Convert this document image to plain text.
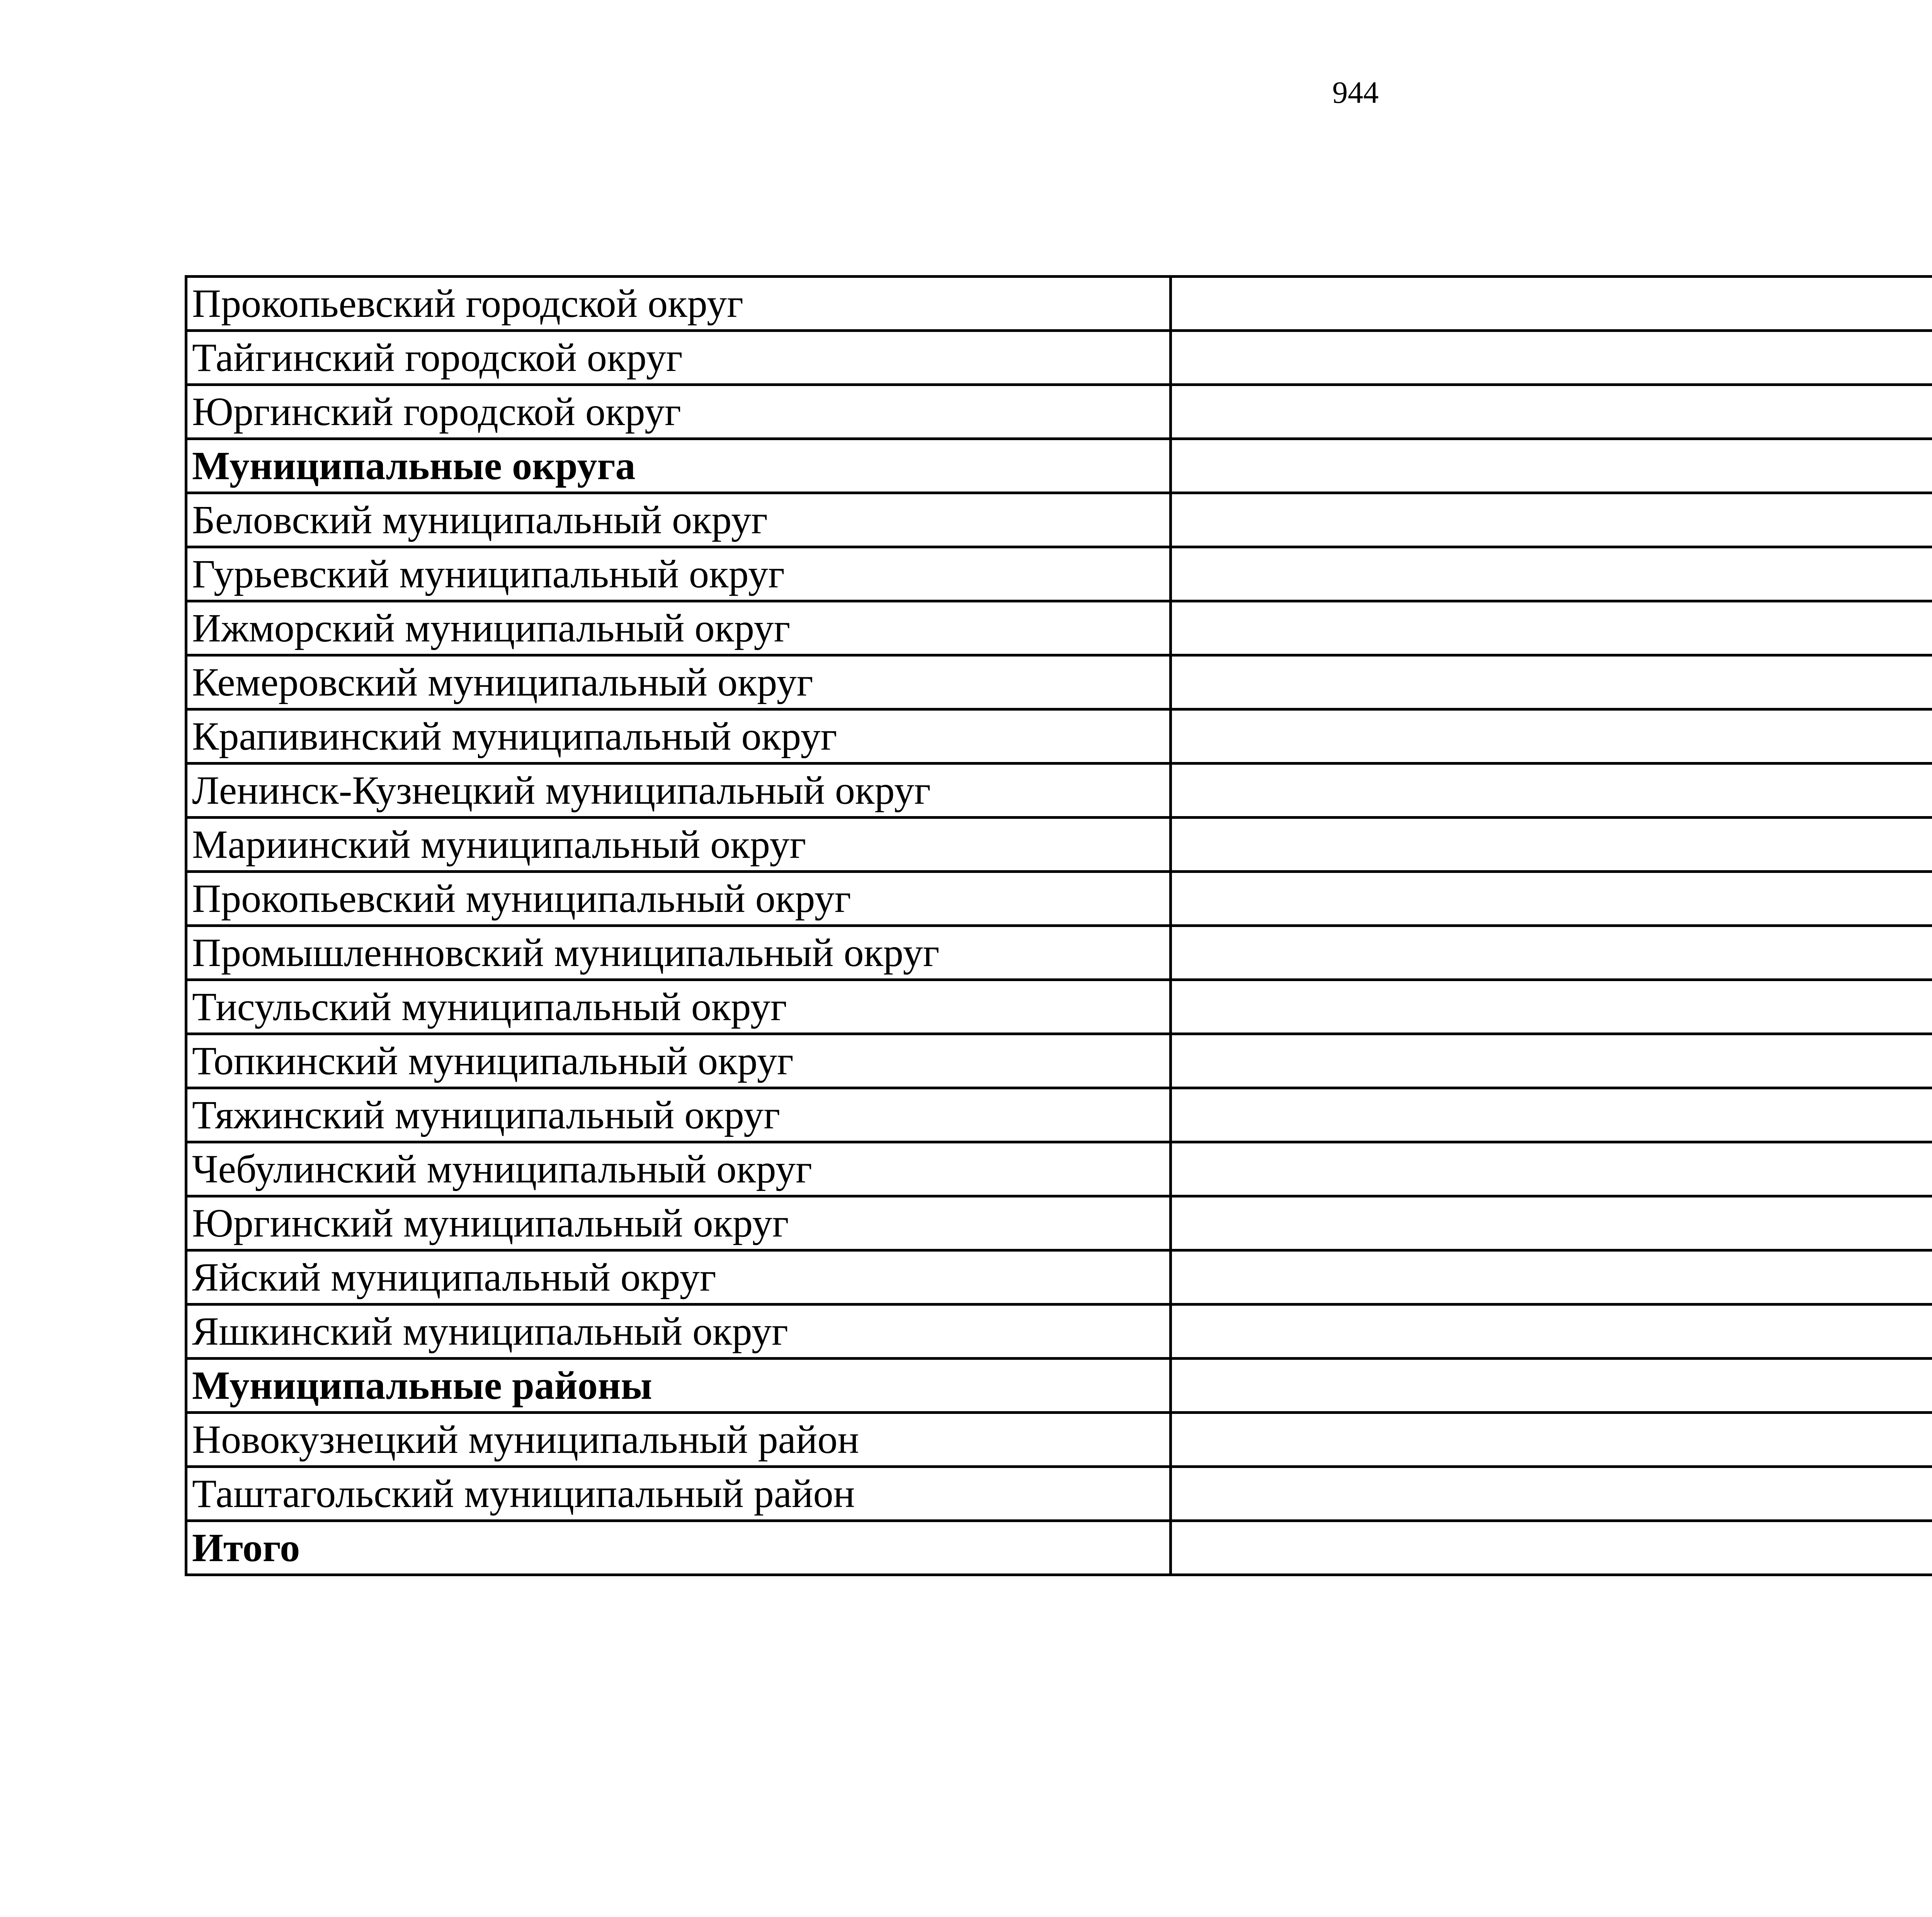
944
Прокопьевский городской округ	
Тайгинский городской округ	
Юргинский городской округ	
Муниципальные округа	
Беловский муниципальный округ	
Гурьевский муниципальный округ	
Ижморский муниципальный округ	
Кемеровский муниципальный округ	
Крапивинский муниципальный округ	
Ленинск-Кузнецкий муниципальный округ	
Мариинский муниципальный округ	
Прокопьевский муниципальный округ	
Промышленновский муниципальный округ	
Тисульский муниципальный округ	
Топкинский муниципальный округ	
Тяжинский муниципальный округ	
Чебулинский муниципальный округ	
Юргинский муниципальный округ	
Яйский муниципальный округ	
Яшкинский муниципальный округ	
Муниципальные районы	
Новокузнецкий муниципальный район	
Таштагольский муниципальный район	
Итого	
